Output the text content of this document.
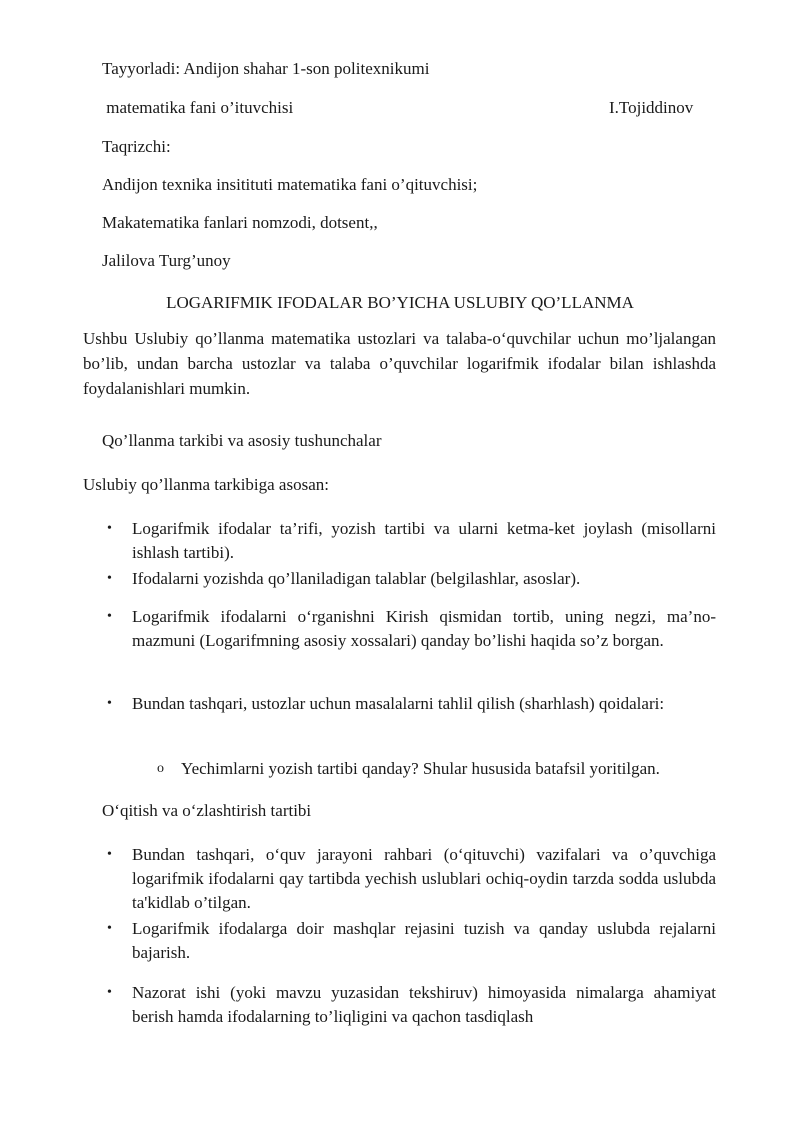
Tayyorladi: Andijon shahar 1-son politexnikumi
matematika fani o’ituvchisi	I.Tojiddinov
Taqrizchi:
Andijon texnika insitituti matematika fani o’qituvchisi;
Makatematika fanlari nomzodi, dotsent,,
Jalilova Turg’unoy
LOGARIFMIK IFODALAR BO’YICHA USLUBIY QO’LLANMA

Ushbu Uslubiy qo’llanma matematika ustozlari va talaba-o‘quvchilar uchun mo’ljalangan bo’lib, undan barcha ustozlar va talaba o’quvchilar logarifmik ifodalar bilan ishlashda foydalanishlari mumkin.

Qo’llanma tarkibi va asosiy tushunchalar
Uslubiy qo’llanma tarkibiga asosan:
•	Logarifmik ifodalar ta’rifi, yozish tartibi va ularni ketma-ket joylash (misollarni ishlash tartibi).
•	Ifodalarni yozishda qo’llaniladigan talablar (belgilashlar, asoslar).
•	Logarifmik ifodalarni o‘rganishni Kirish qismidan tortib, uning negzi, ma’no-mazmuni (Logarifmning asosiy xossalari) qanday bo’lishi haqida so’z borgan.
•	Bundan tashqari, ustozlar uchun masalalarni tahlil qilish (sharhlash) qoidalari:
o Yechimlarni yozish tartibi qanday? Shular hususida batafsil yoritilgan.
O‘qitish va o‘zlashtirish tartibi
•	Bundan tashqari, o‘quv jarayoni rahbari (o‘qituvchi) vazifalari va o’quvchiga logarifmik ifodalarni qay tartibda yechish uslublari ochiq-oydin tarzda sodda uslubda ta'kidlab o’tilgan.
•	Logarifmik ifodalarga doir mashqlar rejasini tuzish va qanday uslubda rejalarni bajarish.
•	Nazorat ishi (yoki mavzu yuzasidan tekshiruv) himoyasida nimalarga ahamiyat berish hamda ifodalarning to’liqligini va qachon tasdiqlash
